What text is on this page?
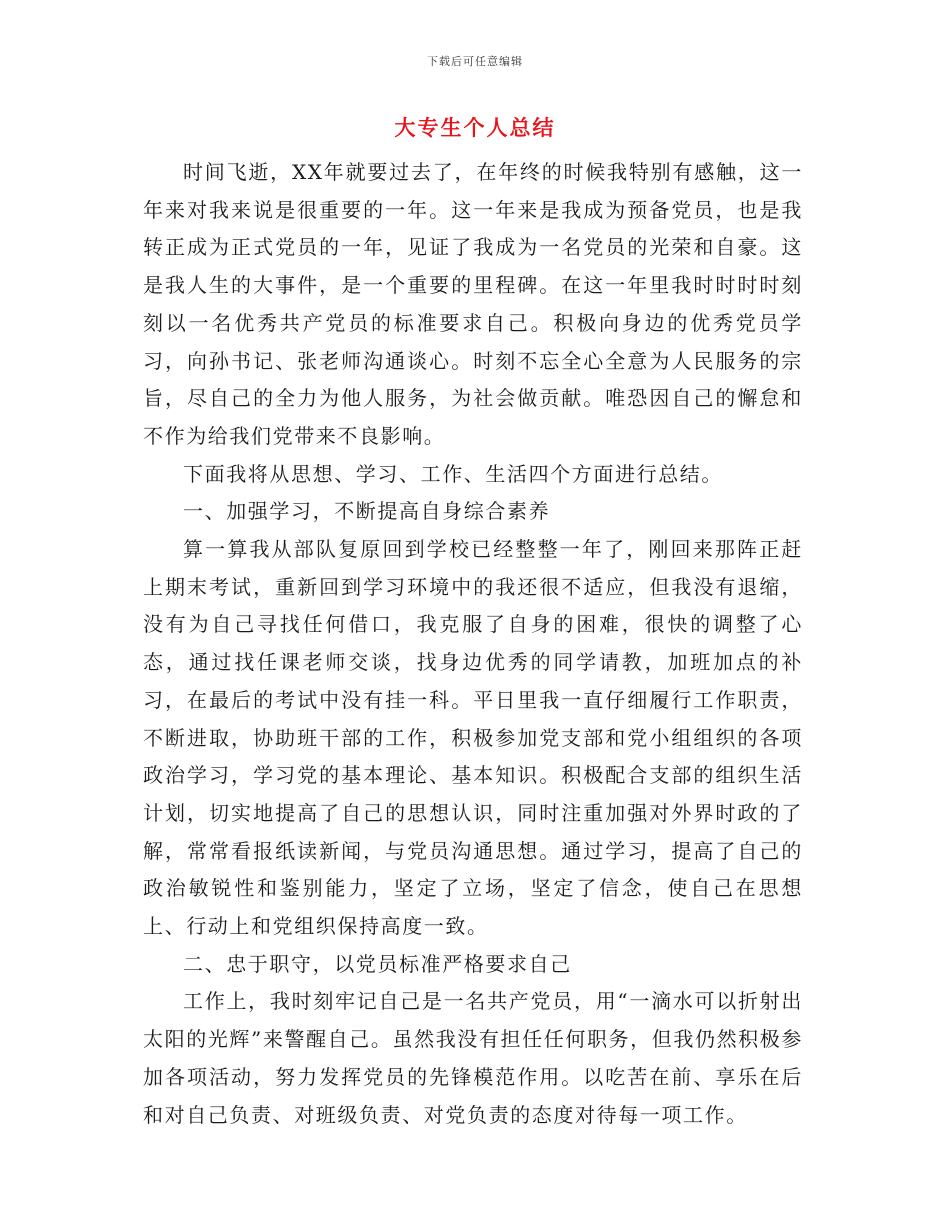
下载后可任意编辑
大专生个人总结

时间飞逝，XX年就要过去了，在年终的时候我特别有感触，这一年来对我来说是很重要的一年。这一年来是我成为预备党员，也是我转正成为正式党员的一年，见证了我成为一名党员的光荣和自豪。这是我人生的大事件，是一个重要的里程碑。在这一年里我时时时时刻刻以一名优秀共产党员的标准要求自己。积极向身边的优秀党员学习，向孙书记、张老师沟通谈心。时刻不忘全心全意为人民服务的宗旨，尽自己的全力为他人服务，为社会做贡献。唯恐因自己的懈怠和不作为给我们党带来不良影响。

下面我将从思想、学习、工作、生活四个方面进行总结。

一、加强学习，不断提高自身综合素养

算一算我从部队复原回到学校已经整整一年了，刚回来那阵正赶上期末考试，重新回到学习环境中的我还很不适应，但我没有退缩，没有为自己寻找任何借口，我克服了自身的困难，很快的调整了心态，通过找任课老师交谈，找身边优秀的同学请教，加班加点的补习，在最后的考试中没有挂一科。平日里我一直仔细履行工作职责，不断进取，协助班干部的工作，积极参加党支部和党小组组织的各项政治学习，学习党的基本理论、基本知识。积极配合支部的组织生活计划，切实地提高了自己的思想认识，同时注重加强对外界时政的了解，常常看报纸读新闻，与党员沟通思想。通过学习，提高了自己的政治敏锐性和鉴别能力，坚定了立场，坚定了信念，使自己在思想上、行动上和党组织保持高度一致。

二、忠于职守，以党员标准严格要求自己

工作上，我时刻牢记自己是一名共产党员，用“一滴水可以折射出太阳的光辉”来警醒自己。虽然我没有担任任何职务，但我仍然积极参加各项活动，努力发挥党员的先锋模范作用。以吃苦在前、享乐在后和对自己负责、对班级负责、对党负责的态度对待每一项工作。
